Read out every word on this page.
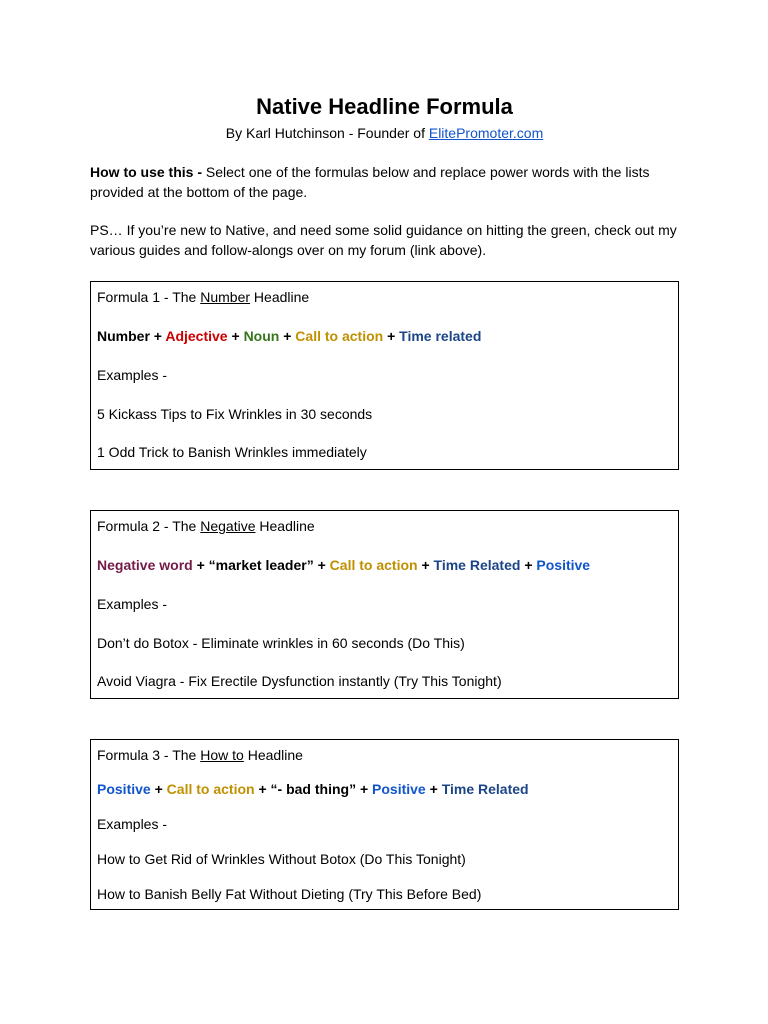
Native Headline Formula
By Karl Hutchinson - Founder of ElitePromoter.com
How to use this - Select one of the formulas below and replace power words with the lists provided at the bottom of the page.
PS… If you’re new to Native, and need some solid guidance on hitting the green, check out my various guides and follow-alongs over on my forum (link above).
Formula 1 - The Number Headline
Number + Adjective + Noun + Call to action + Time related
Examples -
5 Kickass Tips to Fix Wrinkles in 30 seconds
1 Odd Trick to Banish Wrinkles immediately
Formula 2 - The Negative Headline
Negative word + “market leader” + Call to action + Time Related + Positive
Examples -
Don’t do Botox - Eliminate wrinkles in 60 seconds (Do This)
Avoid Viagra - Fix Erectile Dysfunction instantly (Try This Tonight)
Formula 3 - The How to Headline
Positive + Call to action + “- bad thing” + Positive + Time Related
Examples -
How to Get Rid of Wrinkles Without Botox (Do This Tonight)
How to Banish Belly Fat Without Dieting (Try This Before Bed)
